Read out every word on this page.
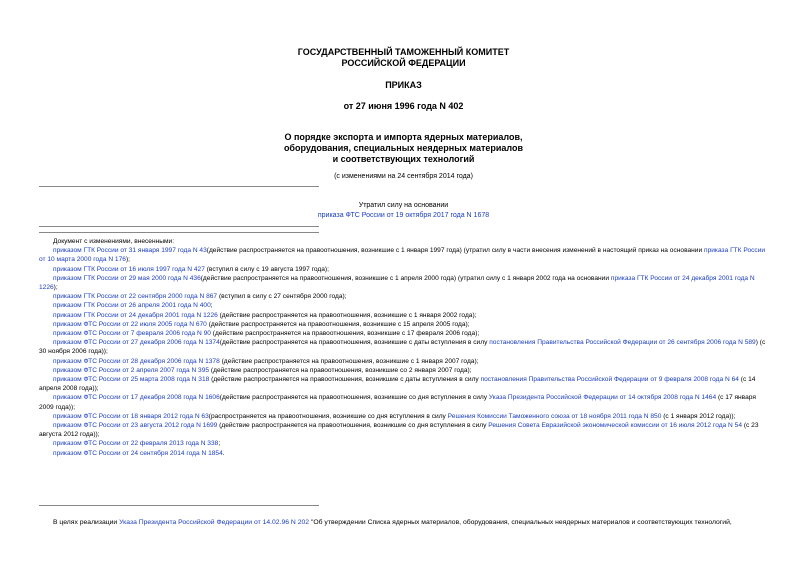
ГОСУДАРСТВЕННЫЙ ТАМОЖЕННЫЙ КОМИТЕТ
РОССИЙСКОЙ ФЕДЕРАЦИИ
ПРИКАЗ
от 27 июня 1996 года N 402
О порядке экспорта и импорта ядерных материалов,
оборудования, специальных неядерных материалов
и соответствующих технологий
(с изменениями на 24 сентября 2014 года)
Утратил силу на основании
приказа ФТС России от 19 октября 2017 года N 1678
Документ с изменениями, внесенными:
приказом ГТК России от 31 января 1997 года N 43(действие распространяется на правоотношения, возникшие с 1 января 1997 года) (утратил силу в части внесения изменений в настоящий приказ на основании приказа ГТК России от 10 марта 2000 года N 176);
приказом ГТК России от 16 июля 1997 года N 427 (вступил в силу с 19 августа 1997 года);
приказом ГТК России от 29 мая 2000 года N 436(действие распространяется на правоотношения, возникшие с 1 апреля 2000 года) (утратил силу с 1 января 2002 года на основании приказа ГТК России от 24 декабря 2001 года N 1226);
приказом ГТК России от 22 сентября 2000 года N 867 (вступил в силу с 27 сентября 2000 года);
приказом ГТК России от 26 апреля 2001 года N 400;
приказом ГТК России от 24 декабря 2001 года N 1226 (действие распространяется на правоотношения, возникшие с 1 января 2002 года);
приказом ФТС России от 22 июля 2005 года N 670 (действие распространяется на правоотношения, возникшие с 15 апреля 2005 года);
приказом ФТС России от 7 февраля 2006 года N 90 (действие распространяется на правоотношения, возникшие с 17 февраля 2006 года);
приказом ФТС России от 27 декабря 2006 года N 1374(действие распространяется на правоотношения, возникшие с даты вступления в силу постановления Правительства Российской Федерации от 26 сентября 2006 года N 589) (с 30 ноября 2006 года));
приказом ФТС России от 28 декабря 2006 года N 1378 (действие распространяется на правоотношения, возникшие с 1 января 2007 года);
приказом ФТС России от 2 апреля 2007 года N 395 (действие распространяется на правоотношения, возникшие со 2 января 2007 года);
приказом ФТС России от 25 марта 2008 года N 318 (действие распространяется на правоотношения, возникшие с даты вступления в силу постановления Правительства Российской Федерации от 9 февраля 2008 года N 64 (с 14 апреля 2008 года));
приказом ФТС России от 17 декабря 2008 года N 1606(действие распространяется на правоотношения, возникшие со дня вступления в силу Указа Президента Российской Федерации от 14 октября 2008 года N 1464 (с 17 января 2009 года));
приказом ФТС России от 18 января 2012 года N 63(распространяется на правоотношения, возникшие со дня вступления в силу Решения Комиссии Таможенного союза от 18 ноября 2011 года N 850 (с 1 января 2012 года));
приказом ФТС России от 23 августа 2012 года N 1699 (действие распространяется на правоотношения, возникшие со дня вступления в силу Решения Совета Евразийской экономической комиссии от 16 июля 2012 года N 54 (с 23 августа 2012 года));
приказом ФТС России от 22 февраля 2013 года N 338;
приказом ФТС России от 24 сентября 2014 года N 1854.
В целях реализации Указа Президента Российской Федерации от 14.02.96 N 202 "Об утверждении Списка ядерных материалов, оборудования, специальных неядерных материалов и соответствующих технологий,
